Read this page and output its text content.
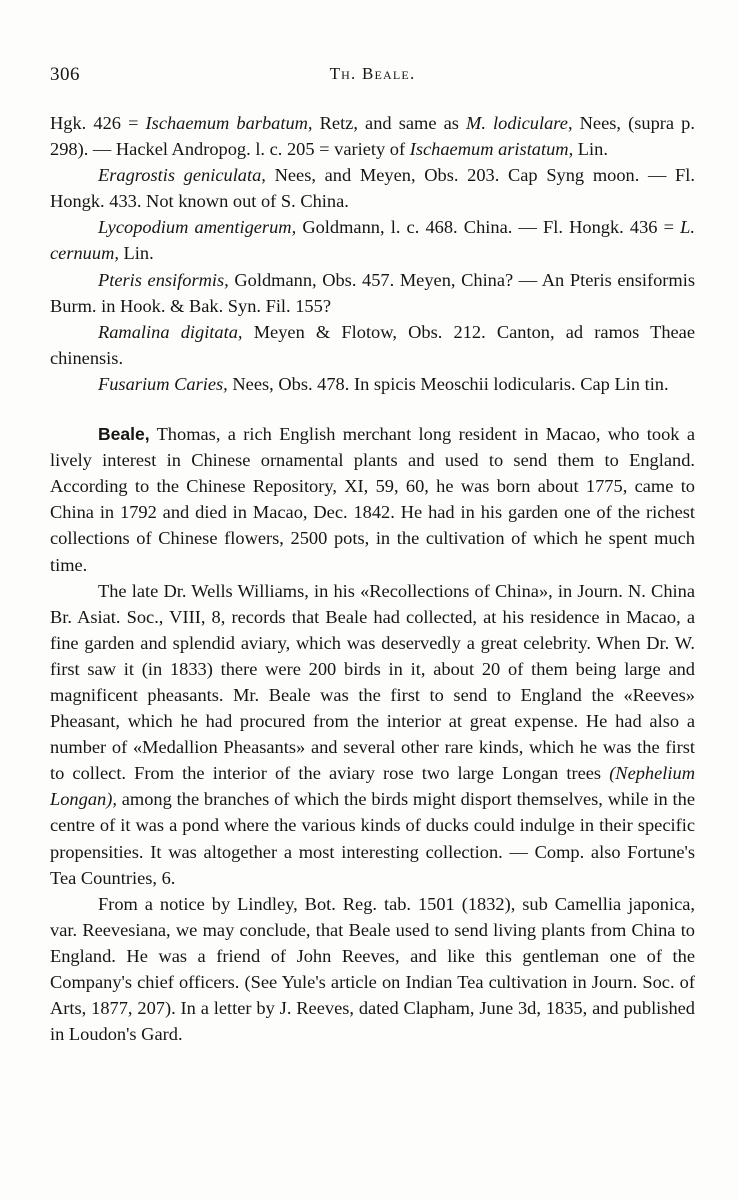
306	Th. Beale.

Hgk. 426 = Ischaemum barbatum, Retz, and same as M. lodiculare, Nees, (supra p. 298). — Hackel Andropog. l. c. 205 = variety of Ischaemum aristatum, Lin.

Eragrostis geniculata, Nees, and Meyen, Obs. 203. Cap Syng moon. — Fl. Hongk. 433. Not known out of S. China.

Lycopodium amentigerum, Goldmann, l. c. 468. China. — Fl. Hongk. 436 = L. cernuum, Lin.

Pteris ensiformis, Goldmann, Obs. 457. Meyen, China? — An Pteris ensiformis Burm. in Hook. & Bak. Syn. Fil. 155?

Ramalina digitata, Meyen & Flotow, Obs. 212. Canton, ad ramos Theae chinensis.

Fusarium Caries, Nees, Obs. 478. In spicis Meoschii lodicularis. Cap Lin tin.

Beale, Thomas, a rich English merchant long resident in Macao, who took a lively interest in Chinese ornamental plants and used to send them to England. According to the Chinese Repository, XI, 59, 60, he was born about 1775, came to China in 1792 and died in Macao, Dec. 1842. He had in his garden one of the richest collections of Chinese flowers, 2500 pots, in the cultivation of which he spent much time.

The late Dr. Wells Williams, in his «Recollections of China», in Journ. N. China Br. Asiat. Soc., VIII, 8, records that Beale had collected, at his residence in Macao, a fine garden and splendid aviary, which was deservedly a great celebrity. When Dr. W. first saw it (in 1833) there were 200 birds in it, about 20 of them being large and magnificent pheasants. Mr. Beale was the first to send to England the «Reeves» Pheasant, which he had procured from the interior at great expense. He had also a number of «Medallion Pheasants» and several other rare kinds, which he was the first to collect. From the interior of the aviary rose two large Longan trees (Nephelium Longan), among the branches of which the birds might disport themselves, while in the centre of it was a pond where the various kinds of ducks could indulge in their specific propensities. It was altogether a most interesting collection. — Comp. also Fortune's Tea Countries, 6.

From a notice by Lindley, Bot. Reg. tab. 1501 (1832), sub Camellia japonica, var. Reevesiana, we may conclude, that Beale used to send living plants from China to England. He was a friend of John Reeves, and like this gentleman one of the Company's chief officers. (See Yule's article on Indian Tea cultivation in Journ. Soc. of Arts, 1877, 207). In a letter by J. Reeves, dated Clapham, June 3d, 1835, and published in Loudon's Gard.
